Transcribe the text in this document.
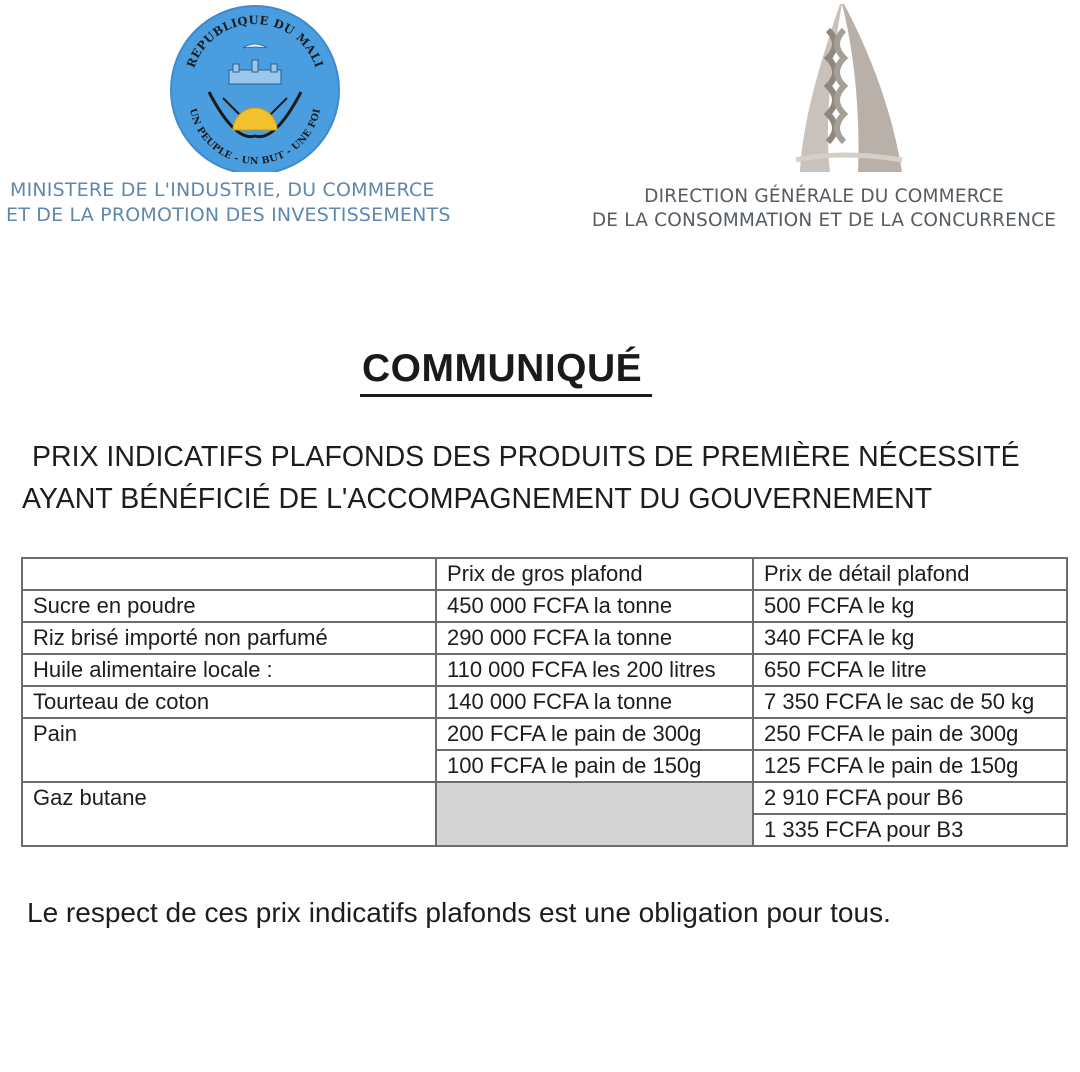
REPUBLIQUE DU MALI
UN PEUPLE - UN BUT - UNE FOI
MINISTERE DE L'INDUSTRIE, DU COMMERCE
ET DE LA PROMOTION DES INVESTISSEMENTS
DIRECTION GÉNÉRALE DU COMMERCE
DE LA CONSOMMATION ET DE LA CONCURRENCE
COMMUNIQUÉ
PRIX INDICATIFS PLAFONDS DES PRODUITS DE PREMIÈRE NÉCESSITÉ
AYANT BÉNÉFICIÉ DE L'ACCOMPAGNEMENT DU GOUVERNEMENT
	Prix de gros plafond	Prix de détail plafond
Sucre en poudre	450 000 FCFA la tonne	500 FCFA le kg
Riz brisé importé non parfumé	290 000 FCFA la tonne	340 FCFA le kg
Huile alimentaire locale :	110 000 FCFA les 200 litres	650 FCFA le litre
Tourteau de coton	140 000 FCFA la tonne	7 350 FCFA le sac de 50 kg
Pain	200 FCFA le pain de 300g	250 FCFA le pain de 300g
	100 FCFA le pain de 150g	125 FCFA le pain de 150g
Gaz butane		2 910 FCFA pour B6
		1 335 FCFA pour B3
Le respect de ces prix indicatifs plafonds est une obligation pour tous.
